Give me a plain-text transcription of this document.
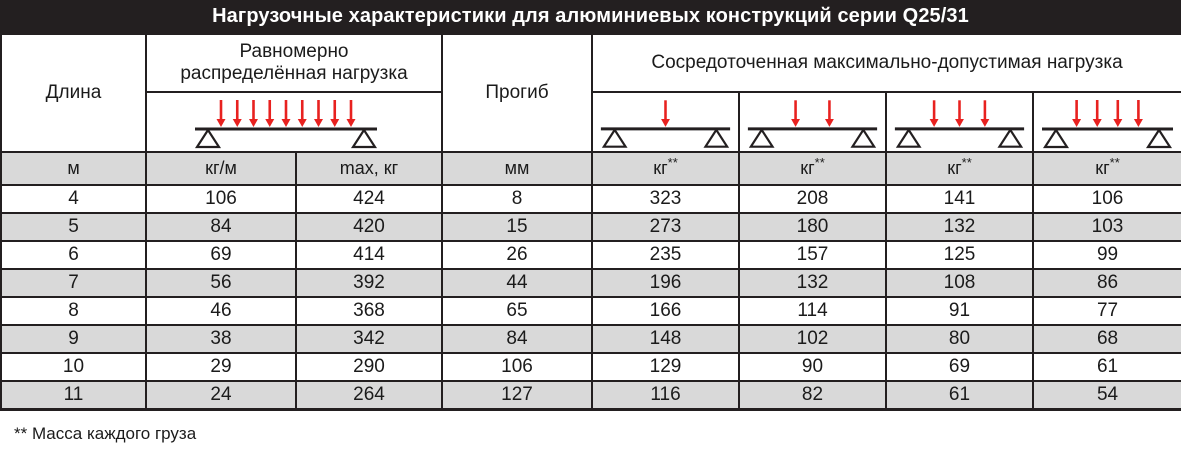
Нагрузочные характеристики для алюминиевых конструкций серии Q25/31
Длина	Равномерно распределённая нагрузка		Прогиб	Сосредоточенная максимально-допустимая нагрузка			

м	кг/м	max, кг	мм	кг**	кг**	кг**	кг**
4	106	424	8	323	208	141	106
5	84	420	15	273	180	132	103
6	69	414	26	235	157	125	99
7	56	392	44	196	132	108	86
8	46	368	65	166	114	91	77
9	38	342	84	148	102	80	68
10	29	290	106	129	90	69	61
11	24	264	127	116	82	61	54
** Масса каждого груза
